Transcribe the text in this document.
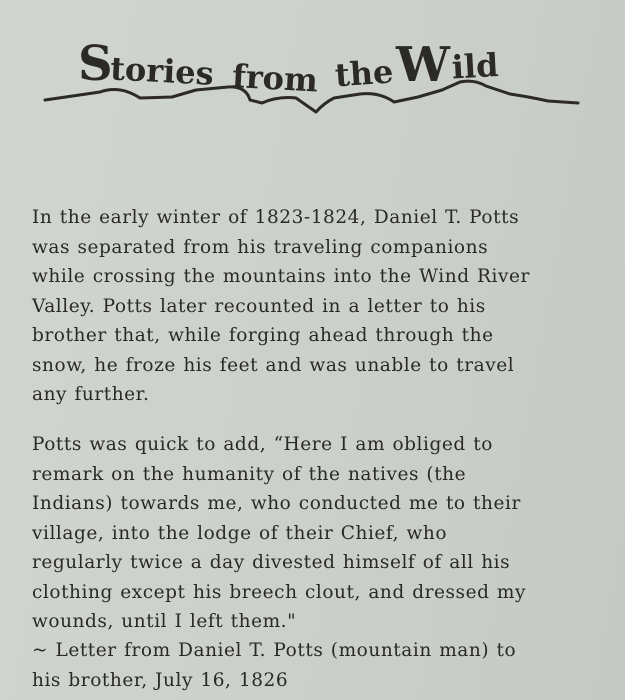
S
tories from the W ild
In the early winter of 1823-1824, Daniel T. Potts
was separated from his traveling companions
while crossing the mountains into the Wind River
Valley. Potts later recounted in a letter to his
brother that, while forging ahead through the
snow, he froze his feet and was unable to travel
any further.
Potts was quick to add, “Here I am obliged to
remark on the humanity of the natives (the
Indians) towards me, who conducted me to their
village, into the lodge of their Chief, who
regularly twice a day divested himself of all his
clothing except his breech clout, and dressed my
wounds, until I left them."
~ Letter from Daniel T. Potts (mountain man) to
his brother, July 16, 1826
